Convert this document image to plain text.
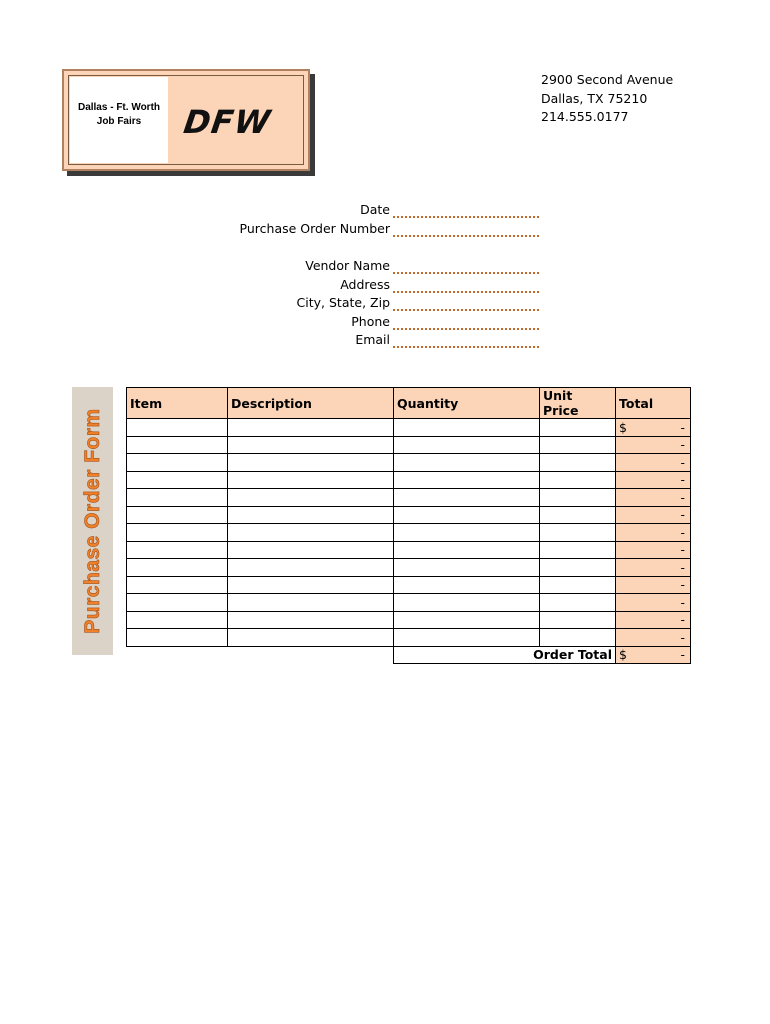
Dallas - Ft. Worth
Job Fairs	DFW
2900 Second Avenue
Dallas, TX 75210
214.555.0177
Date
Purchase Order Number
Vendor Name
Address
City, State, Zip
Phone
Email
Purchase Order Form
Item	Description	Quantity	Unit Price	Total

				$ -

				-

				-

				-

				-

				-

				-

				-

				-

				-

				-

				-

				-

		Order Total		$ -
